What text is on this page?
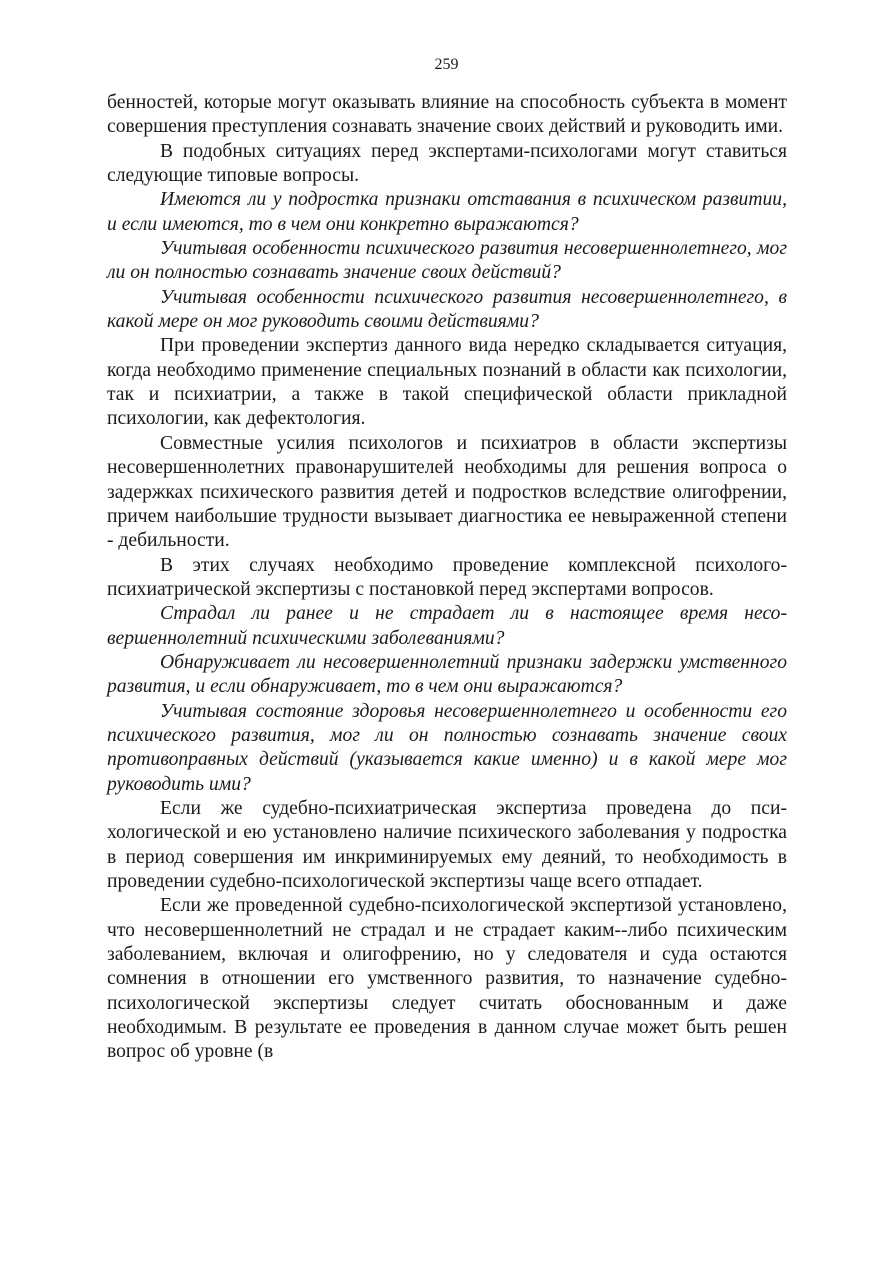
259

бенностей, которые могут оказывать влияние на способность субъекта в момент совершения преступления сознавать значение своих действий и руководить ими.

В подобных ситуациях перед экспертами-психологами могут ставиться следующие типовые вопросы.

Имеются ли у подростка признаки отставания в психическом развитии, и если имеются, то в чем они конкретно выражаются?

Учитывая особенности психического развития несовершеннолетнего, мог ли он полностью сознавать значение своих действий?

Учитывая особенности психического развития несовершеннолетнего, в какой мере он мог руководить своими действиями?

При проведении экспертиз данного вида нередко складывается ситуация, когда необходимо применение специальных познаний в области как психологии, так и психиатрии, а также в такой специфической области прикладной психологии, как дефектология.

Совместные усилия психологов и психиатров в области экспертизы несовершеннолетних правонарушителей необходимы для решения вопроса о задержках психического развития детей и подростков вследствие олигофрении, причем наибольшие трудности вызывает диагностика ее невыраженной степени - дебильности.

В этих случаях необходимо проведение комплексной психолого-психиатрической экспертизы с постановкой перед экспертами вопросов.

Страдал ли ранее и не страдает ли в настоящее время несовершеннолетний психическими заболеваниями?

Обнаруживает ли несовершеннолетний признаки задержки умственного развития, и если обнаруживает, то в чем они выражаются?

Учитывая состояние здоровья несовершеннолетнего и особенности его психического развития, мог ли он полностью сознавать значение своих противоправных действий (указывается какие именно) и в какой мере мог руководить ими?

Если же судебно-психиатрическая экспертиза проведена до психологической и ею установлено наличие психического заболевания у подростка в период совершения им инкриминируемых ему деяний, то необходимость в проведении судебно-психологической экспертизы чаще всего отпадает.

Если же проведенной судебно-психологической экспертизой установлено, что несовершеннолетний не страдал и не страдает каким--либо психическим заболеванием, включая и олигофрению, но у следователя и суда остаются сомнения в отношении его умственного развития, то назначение судебно-психологической экспертизы следует считать обоснованным и даже необходимым. В результате ее проведения в данном случае может быть решен вопрос об уровне (в
